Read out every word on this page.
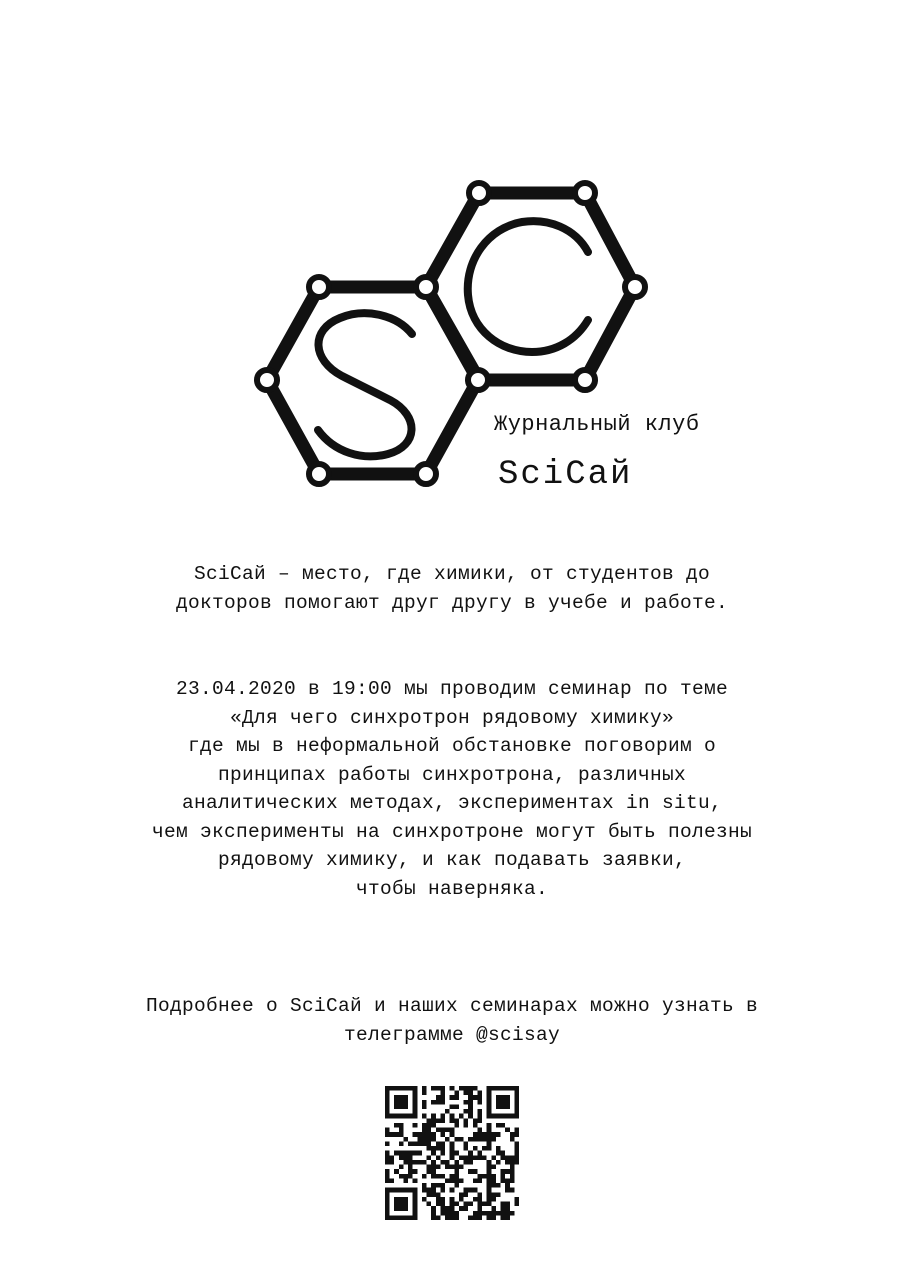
Журнальный клуб
SciCай
SciCай – место, где химики, от студентов до
докторов помогают друг другу в учебе и работе.
23.04.2020 в 19:00 мы проводим семинар по теме
«Для чего синхротрон рядовому химику»
где мы в неформальной обстановке поговорим о
принципах работы синхротрона, различных
аналитических методах, экспериментах in situ,
чем эксперименты на синхротроне могут быть полезны
рядовому химику, и как подавать заявки,
чтобы наверняка.
Подробнее о SciCай и наших семинарах можно узнать в
телеграмме @scisay
